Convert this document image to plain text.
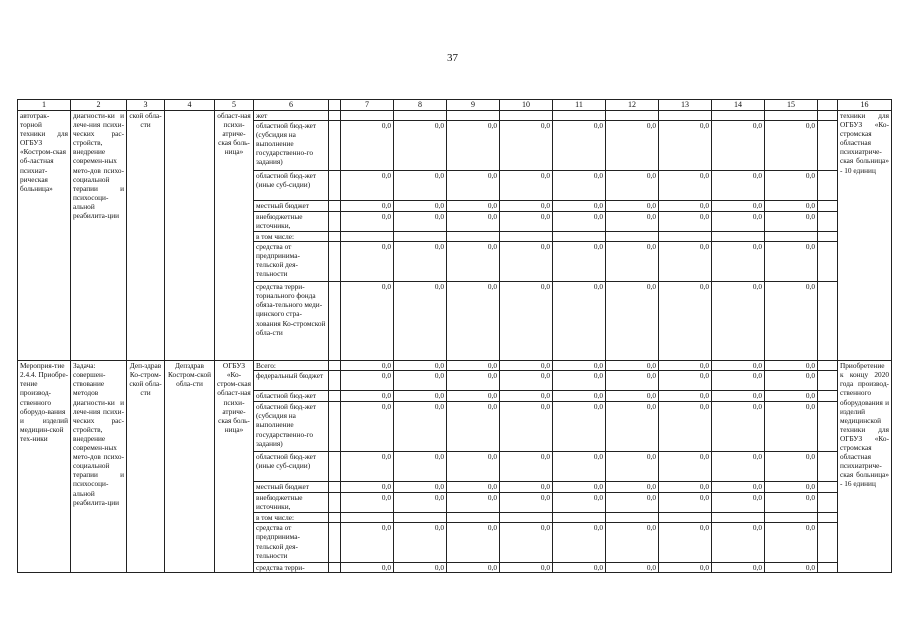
37
1	2	3	4	5	6		7	8	9	10	11	12	13	14	15		16
автотрак-торной техники для ОГБУЗ «Костром-ская об-ластная психиат-рическая больница»	диагности-ки и лече-ния психи-ческих рас-стройств, внедрение современ-ных мето-дов психо-социальной терапии и психосоци-альной реабилита-ции	ской обла-сти		област-ная психи-атриче-ская боль-ница»	жет												техники для ОГБУЗ «Ко-стромская областная психиатриче-ская больница» - 10 единиц
					областной бюд-жет (субсидия на выполнение государственно-го задания)		0,0	0,0	0,0	0,0	0,0	0,0	0,0	0,0	0,0		
					областной бюд-жет (иные суб-сидии)		0,0	0,0	0,0	0,0	0,0	0,0	0,0	0,0	0,0		
					местный бюджет		0,0	0,0	0,0	0,0	0,0	0,0	0,0	0,0	0,0		
					внебюджетные источники,		0,0	0,0	0,0	0,0	0,0	0,0	0,0	0,0	0,0		
					в том числе:												
					средства от предпринима-тельской дея-тельности		0,0	0,0	0,0	0,0	0,0	0,0	0,0	0,0	0,0		
					средства терри-ториального фонда обяза-тельного меди-цинского стра-хования Ко-стромской обла-сти		0,0	0,0	0,0	0,0	0,0	0,0	0,0	0,0	0,0		
Мероприя-тие 2.4.4. Приобре-тение производ-ственного оборудо-вания и изделий медицин-ской тех-ники	Задача: совершен-ствование методов диагности-ки и лече-ния психи-ческих рас-стройств, внедрение современ-ных мето-дов психо-социальной терапии и психосоци-альной реабилита-ции	Деп-здрав Ко-стром-ской обла-сти	Депздрав Костром-ской обла-сти	ОГБУЗ «Ко-стром-ская област-ная психи-атриче-ская боль-ница»	Всего:		0,0	0,0	0,0	0,0	0,0	0,0	0,0	0,0	0,0		Приобретение к концу 2020 года производ-ственного оборудования и изделий медицинской техники для ОГБУЗ «Ко-стромская областная психиатриче-ская больница» - 16 единиц
					федеральный бюджет		0,0	0,0	0,0	0,0	0,0	0,0	0,0	0,0	0,0		
					областной бюд-жет		0,0	0,0	0,0	0,0	0,0	0,0	0,0	0,0	0,0		
					областной бюд-жет (субсидия на выполнение государственно-го задания)		0,0	0,0	0,0	0,0	0,0	0,0	0,0	0,0	0,0		
					областной бюд-жет (иные суб-сидии)		0,0	0,0	0,0	0,0	0,0	0,0	0,0	0,0	0,0		
					местный бюджет		0,0	0,0	0,0	0,0	0,0	0,0	0,0	0,0	0,0		
					внебюджетные источники,		0,0	0,0	0,0	0,0	0,0	0,0	0,0	0,0	0,0		
					в том числе:												
					средства от предпринима-тельской дея-тельности		0,0	0,0	0,0	0,0	0,0	0,0	0,0	0,0	0,0		
					средства терри-		0,0	0,0	0,0	0,0	0,0	0,0	0,0	0,0	0,0		
